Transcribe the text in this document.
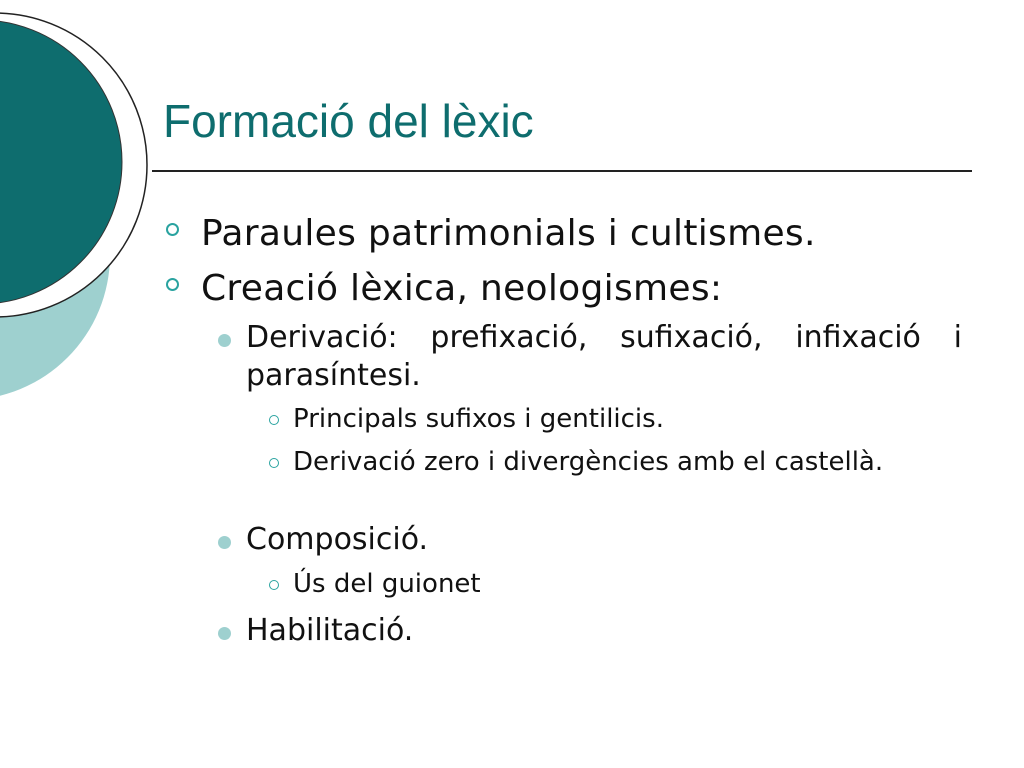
Formació del lèxic
Paraules patrimonials i cultismes.
Creació lèxica, neologismes:
Derivació: prefixació, sufixació, infixació i parasíntesi.
Principals sufixos i gentilicis.
Derivació zero i divergències amb el castellà.
Composició.
Ús del guionet
Habilitació.
